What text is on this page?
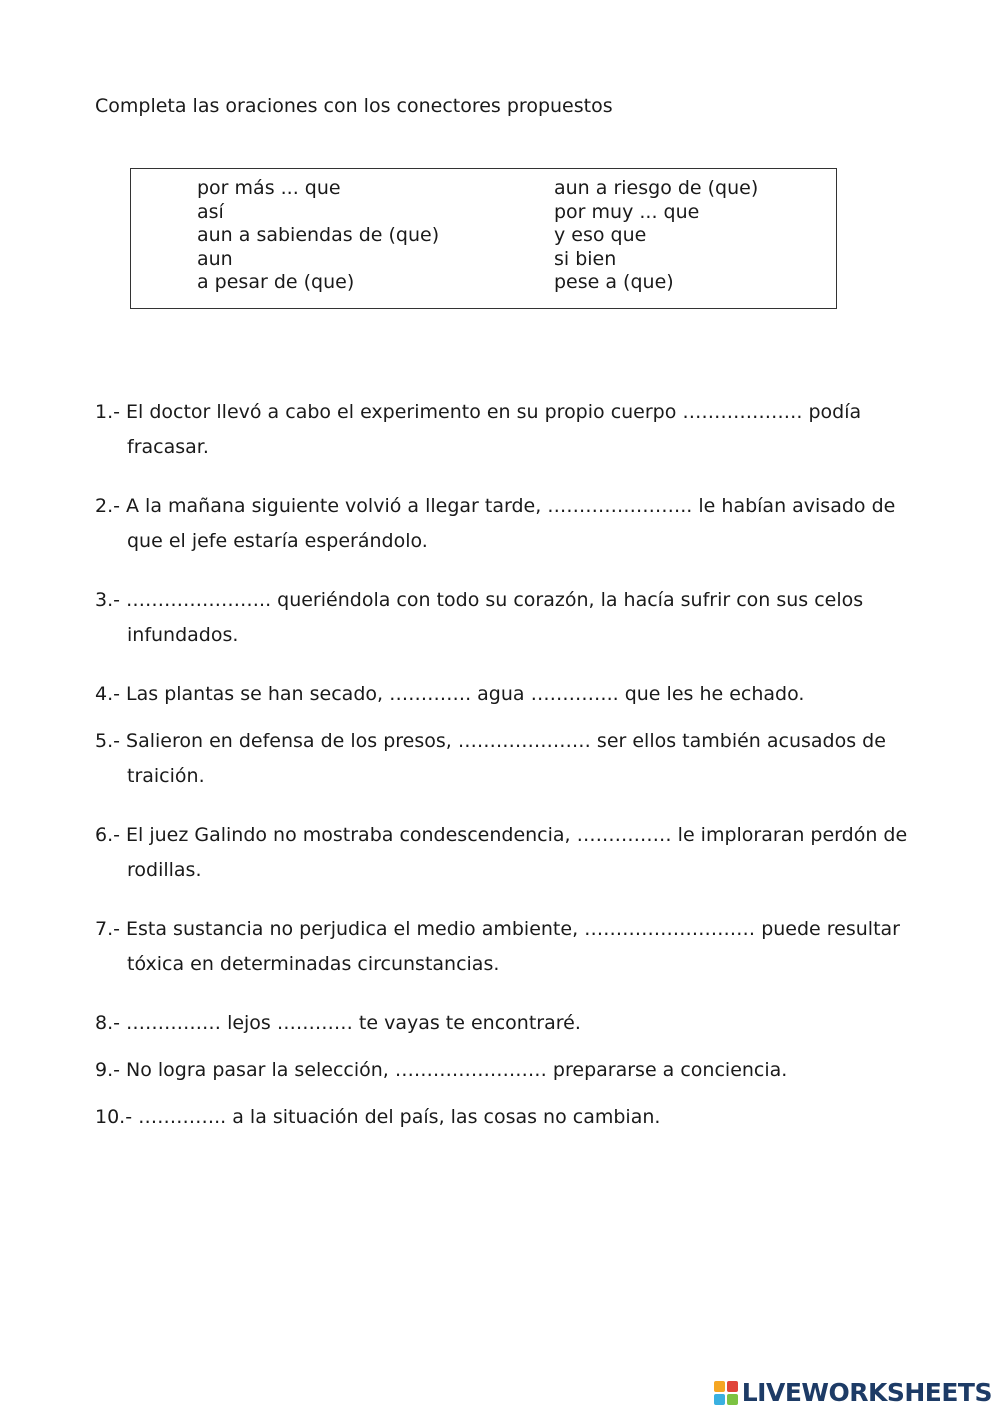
Completa las oraciones con los conectores propuestos
por más ... que
así
aun a sabiendas de (que)
aun
a pesar de (que)
aun a riesgo de (que)
por muy ... que
y eso que
si bien
pese a (que)
1.- El doctor llevó a cabo el experimento en su propio cuerpo ………………. podía fracasar.
2.- A la mañana siguiente volvió a llegar tarde, ………………….. le habían avisado de que el jefe estaría esperándolo.
3.- ………………….. queriéndola con todo su corazón, la hacía sufrir con sus celos infundados.
4.- Las plantas se han secado, …………. agua ………….. que les he echado.
5.- Salieron en defensa de los presos, ………………… ser ellos también acusados de traición.
6.- El juez Galindo no mostraba condescendencia, …………… le imploraran perdón de rodillas.
7.- Esta sustancia no perjudica el medio ambiente, ……………………… puede resultar tóxica en determinadas circunstancias.
8.- …………… lejos ………… te vayas te encontraré.
9.- No logra pasar la selección, …………………… prepararse a conciencia.
10.- ………….. a la situación del país, las cosas no cambian.
LIVEWORKSHEETS
